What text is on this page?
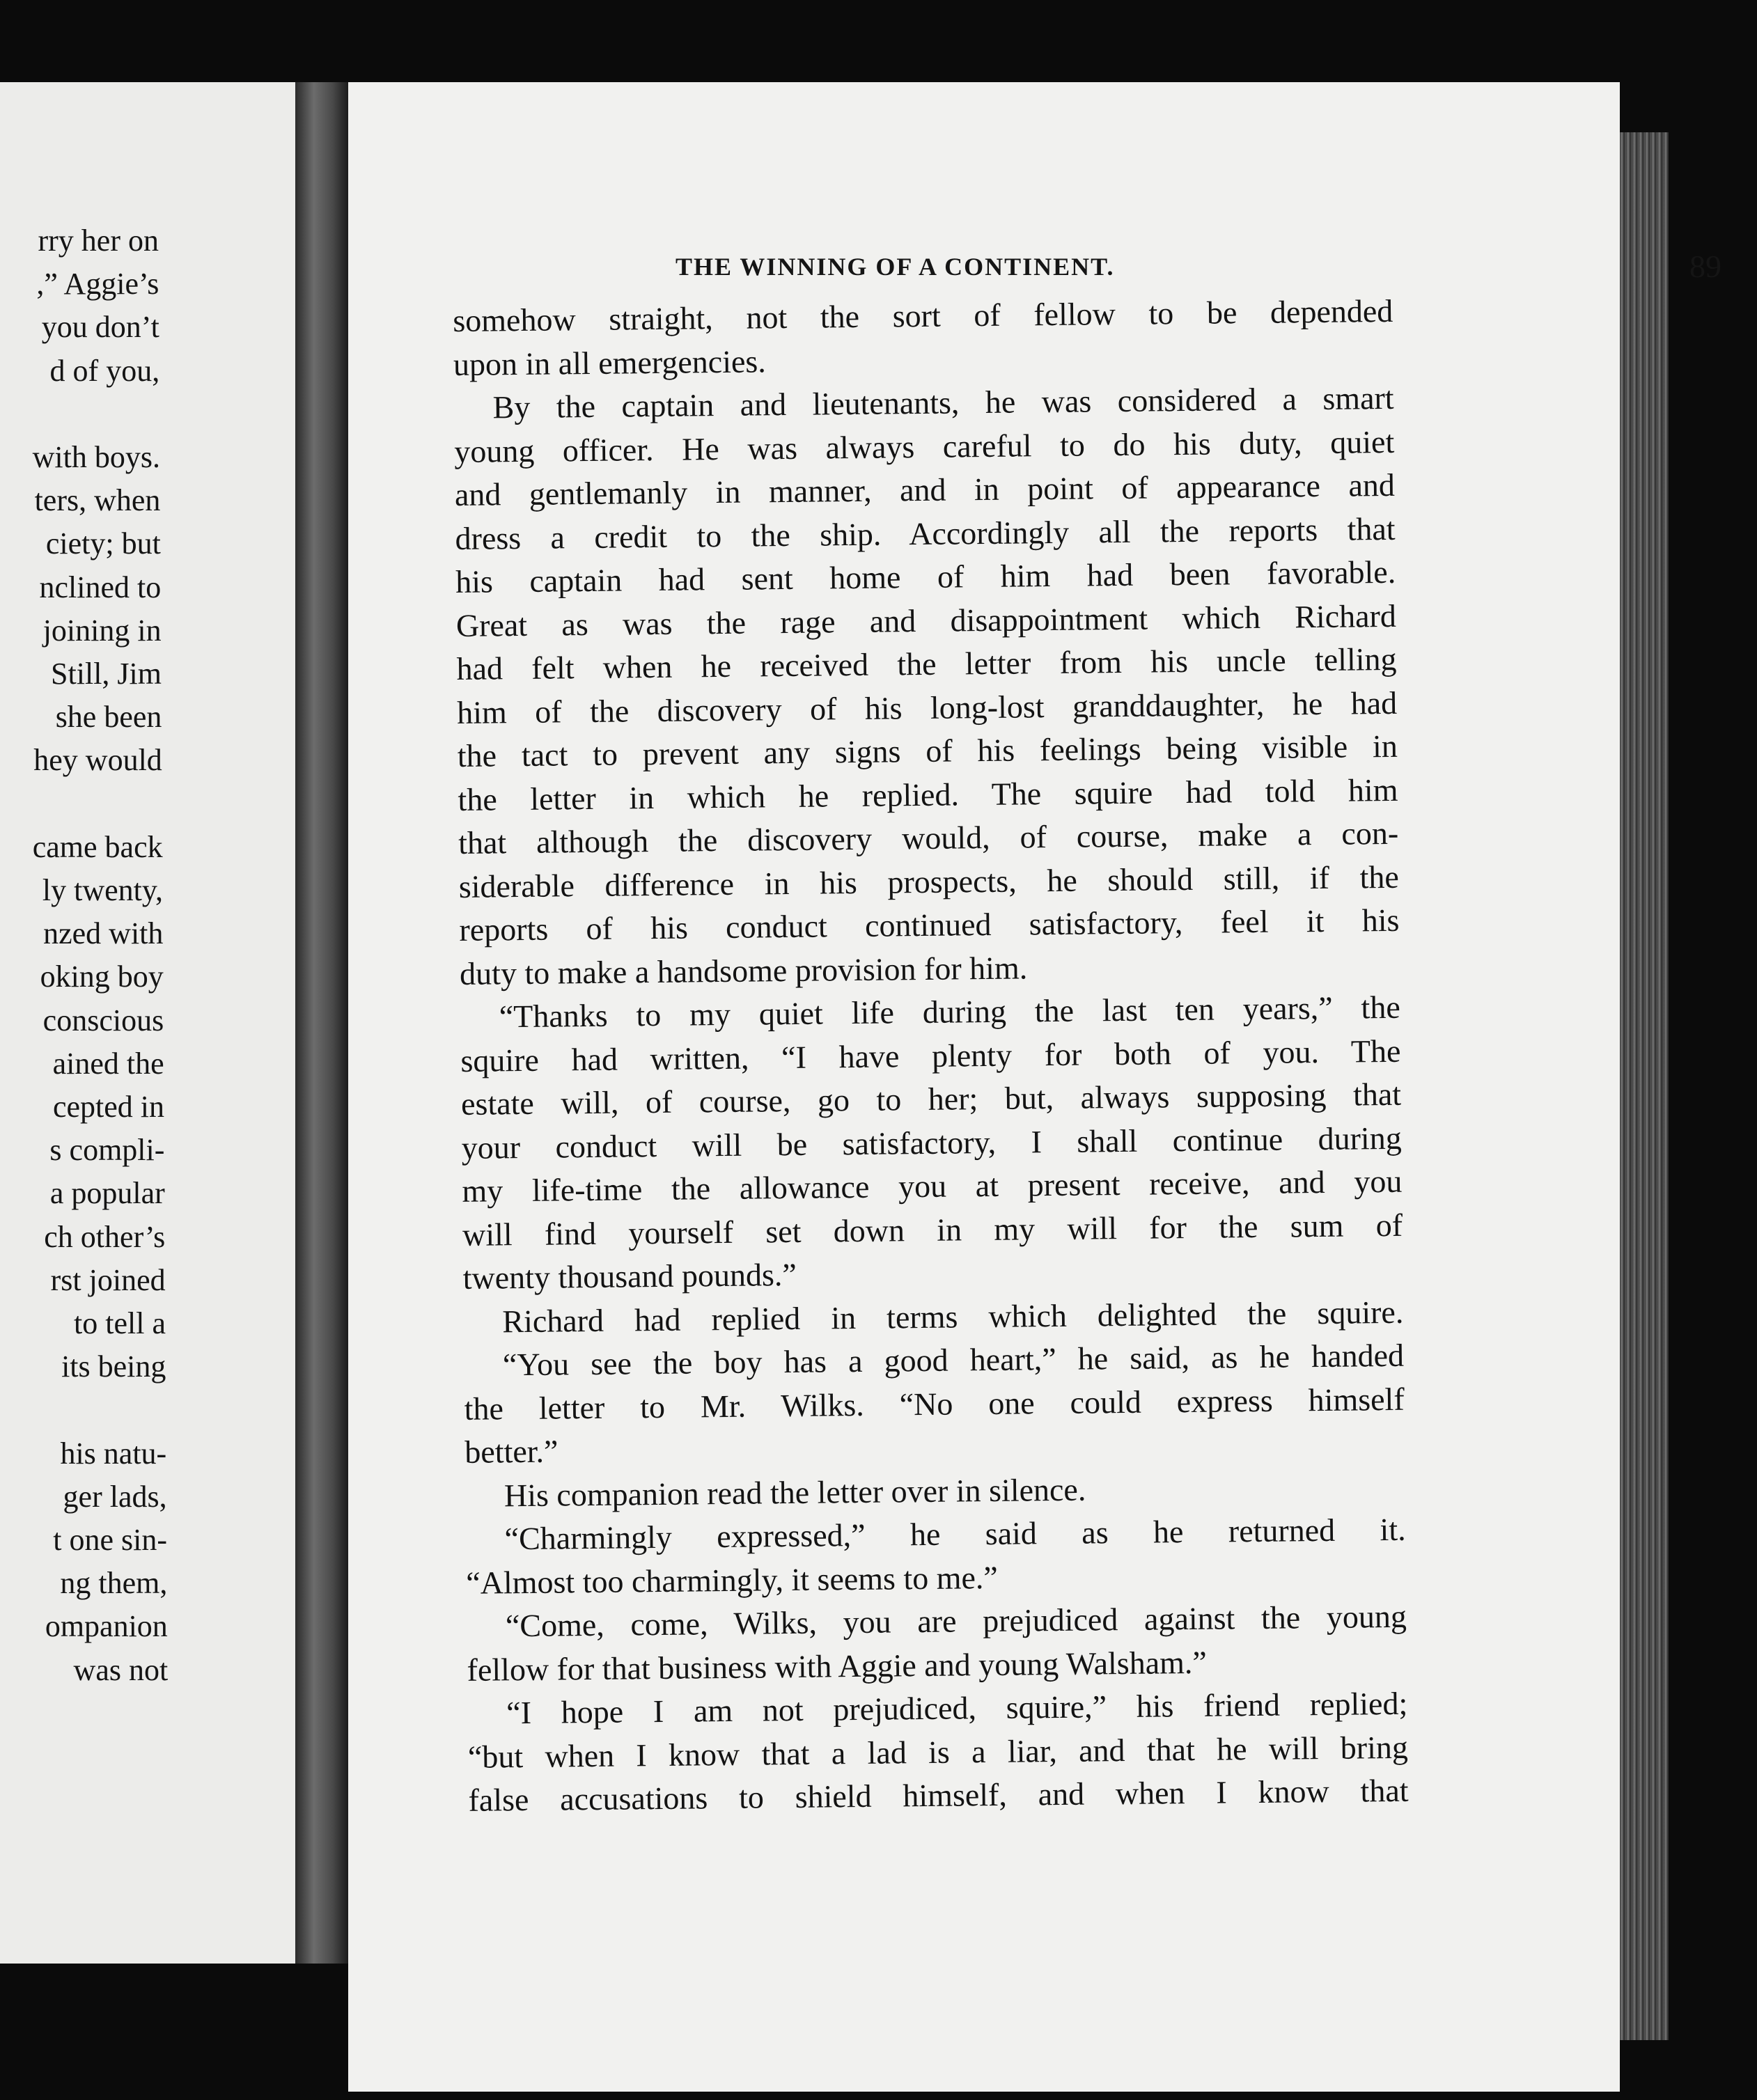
rry her on
,” Aggie’s
you don’t
d of you,
with boys.
ters, when
ciety; but
nclined to
joining in
Still, Jim
she been
hey would
came back
ly twenty,
nzed with
oking boy
conscious
ained the
cepted in
s compli-
a popular
ch other’s
rst joined
to tell a
its being
his natu-
ger lads,
t one sin-
ng them,
ompanion
was not
THE WINNING OF A CONTINENT.	89
somehow straight, not the sort of fellow to be depended
upon in all emergencies.
By the captain and lieutenants, he was considered a smart
young officer. He was always careful to do his duty, quiet
and gentlemanly in manner, and in point of appearance and
dress a credit to the ship. Accordingly all the reports that
his captain had sent home of him had been favorable.
Great as was the rage and disappointment which Richard
had felt when he received the letter from his uncle telling
him of the discovery of his long-lost granddaughter, he had
the tact to prevent any signs of his feelings being visible in
the letter in which he replied. The squire had told him
that although the discovery would, of course, make a con-
siderable difference in his prospects, he should still, if the
reports of his conduct continued satisfactory, feel it his
duty to make a handsome provision for him.
“Thanks to my quiet life during the last ten years,” the
squire had written, “I have plenty for both of you. The
estate will, of course, go to her; but, always supposing that
your conduct will be satisfactory, I shall continue during
my life-time the allowance you at present receive, and you
will find yourself set down in my will for the sum of
twenty thousand pounds.”
Richard had replied in terms which delighted the squire.
“You see the boy has a good heart,” he said, as he handed
the letter to Mr. Wilks. “No one could express himself
better.”
His companion read the letter over in silence.
“Charmingly expressed,” he said as he returned it.
“Almost too charmingly, it seems to me.”
“Come, come, Wilks, you are prejudiced against the young
fellow for that business with Aggie and young Walsham.”
“I hope I am not prejudiced, squire,” his friend replied;
“but when I know that a lad is a liar, and that he will bring
false accusations to shield himself, and when I know that
